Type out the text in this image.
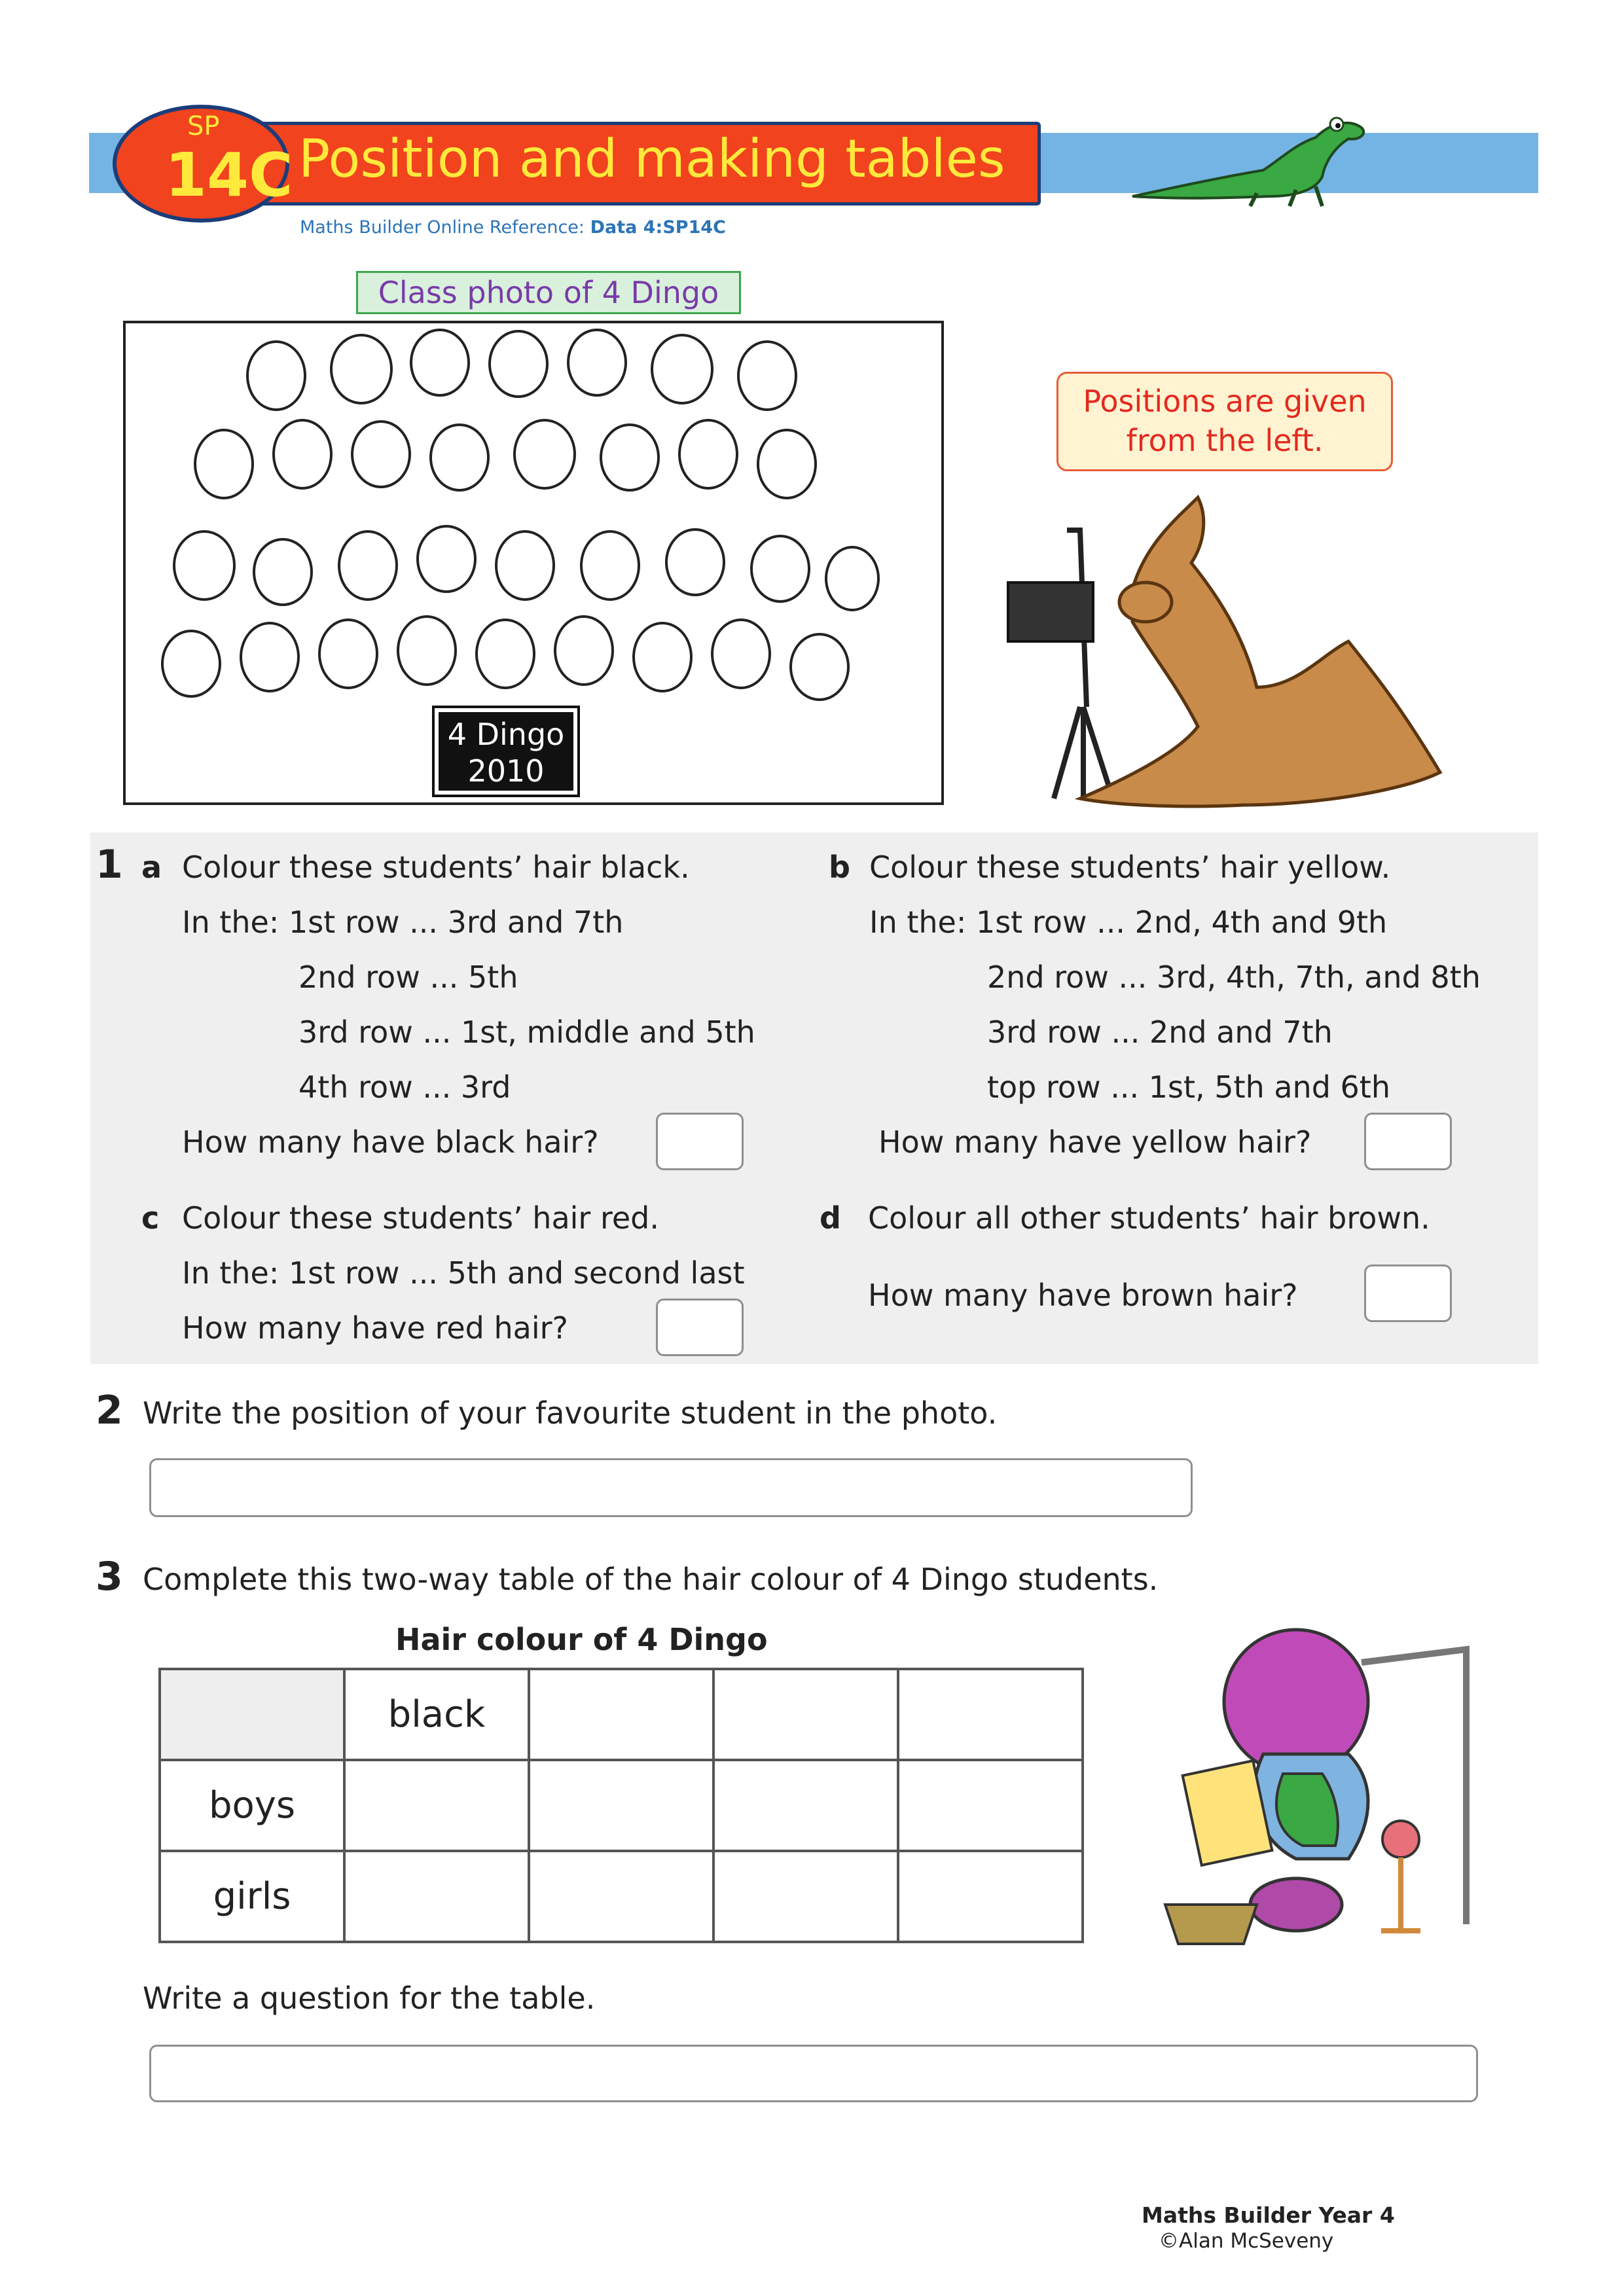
Position and making tables
SP
14C
Maths Builder Online Reference: Data 4:SP14C
Class photo of 4 Dingo
4 Dingo
2010
Positions are given
from the left.
1 a Colour these students’ hair black.
In the: 1st row ... 3rd and 7th
2nd row ... 5th
3rd row ... 1st, middle and 5th
4th row ... 3rd
How many have black hair?
b Colour these students’ hair yellow.
In the: 1st row ... 2nd, 4th and 9th
2nd row ... 3rd, 4th, 7th, and 8th
3rd row ... 2nd and 7th
top row ... 1st, 5th and 6th
How many have yellow hair?
c Colour these students’ hair red.
In the: 1st row ... 5th and second last
How many have red hair?
d Colour all other students’ hair brown.
How many have brown hair?
2 Write the position of your favourite student in the photo.
3 Complete this two-way table of the hair colour of 4 Dingo students.
Hair colour of 4 Dingo
	black			
boys				
girls				
Write a question for the table.
Maths Builder Year 4
©Alan McSeveny
